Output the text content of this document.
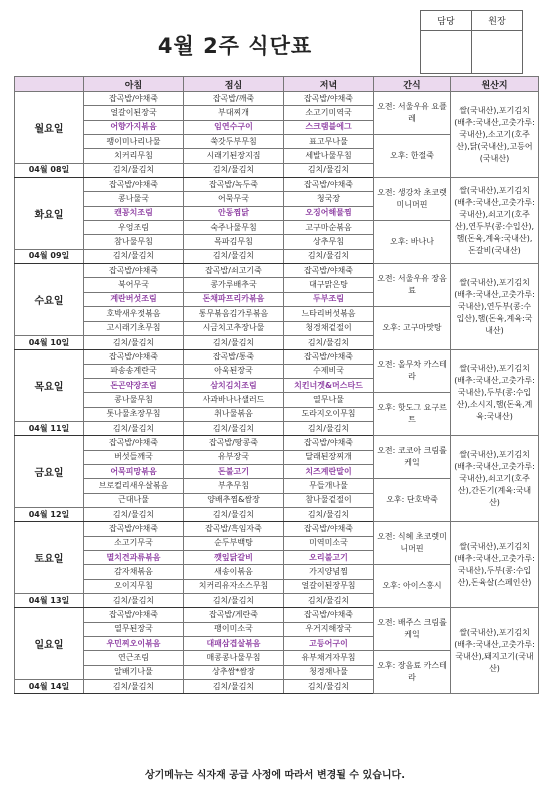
4월 2주 식단표
담당	원장

	아침	점심	저녁	간식	원산지

월요일	잡곡밥/야채죽	잡곡밥/깨죽	잡곡밥/야채죽	오전: 서울우유 요플레	쌀(국내산),포기김치 (배추:국내산,고춧가루:국내산),소고기(호주산),닭(국내산),고등어(국내산)
	얼갈이된장국	부대찌개	소고기미역국		
	어향가지볶음	임연수구이	스크램블에그		
	팽이미나리나물	쑥갓두부무침	표고무나물	오후: 한절죽	
	치커리무침	시래기된장지짐	세발나물무침		
04월 08일	김치/물김치	김치/물김치	김치/물김치		

화요일	잡곡밥/야채죽	잡곡밥/녹두죽	잡곡밥/야채죽	오전: 생강차 초코렛미니머핀	쌀(국내산),포기김치 (배추:국내산,고춧가루:국내산),쇠고기(호주산),연두부(콩:수입산),햄(돈육,계육:국내산),돈갈비(국내산)
	콩나물국	어묵무국	청국장		
	캔꽁치조림	안동찜닭	오징어해물찜		
	우엉조림	숙주나물무침	고구마순볶음	오후: 바나나	
	참나물무침	목파김무침	상추무침		
04월 09일	김치/물김치	김치/물김치	김치/물김치		

수요일	잡곡밥/야채죽	잡곡밥/쇠고기죽	잡곡밥/야채죽	오전: 서울우유 장음료	쌀(국내산),포기김치 (배추:국내산,고춧가루:국내산),연두부(콩:수입산),햄(돈육,계육:국내산)
	북어무국	콩가루배추국	대구맑은탕		
	계란버섯조림	돈채파프리카볶음	두부조림		
	호박새우젓볶음	통무볶음김가루볶음	느타리버섯볶음	오후: 고구마맛탕	
	고시래기초무침	시금치고추장나물	청경채겉절이		
04월 10일	김치/물김치	김치/물김치	김치/물김치		

목요일	잡곡밥/야채죽	잡곡밥/통죽	잡곡밥/야채죽	오전: 올무차 카스테라	쌀(국내산),포기김치 (배추:국내산,고춧가루:국내산),두부(콩:수입산),소시지,햄(돈육,계육:국내산)
	파송송계란국	아욱된장국	수제비국		
	돈곤약장조림	삼치김치조림	치킨너겟&머스타드		
	콩나물무침	사과바나나샐러드	열무나물	오후: 핫도그 요구르트	
	톳나물초장무침	취나물볶음	도라지오이무침		
04월 11일	김치/물김치	김치/물김치	김치/물김치		

금요일	잡곡밥/야채죽	잡곡밥/땅콩죽	잡곡밥/야채죽	오전: 코코아 크림롤케잌	쌀(국내산),포기김치 (배추:국내산,고춧가루:국내산),쇠고기(호주산),간돈기(계육:국내산)
	버섯들깨국	유부장국	달래된장찌개		
	어묵피망볶음	돈불고기	치즈계란말이		
	브로컬리새우살볶음	부추무침	무들개나물	오후: 단호박죽	
	근대나물	양배추찜&쌈장	참나물겉절이		
04월 12일	김치/물김치	김치/물김치	김치/물김치		

토요일	잡곡밥/야채죽	잡곡밥/흑임자죽	잡곡밥/야채죽	오전: 식혜 초코렛미니머핀	쌀(국내산),포기김치 (배추:국내산,고춧가루:국내산),두부(콩:수입산),돈육살(스페인산)
	소고기무국	순두부백탕	미역미소국		
	멸치견과류볶음	깻잎닭갈비	오리불고기		
	감자채볶음	새송이볶음	가지양념찜	오후: 아이스홍시	
	오이지무침	치커리유자소스무침	얼갈이된장무침		
04월 13일	김치/물김치	김치/물김치	김치/물김치		

일요일	잡곡밥/야채죽	잡곡밥/게란죽	잡곡밥/야채죽	오전: 배주스 크림롤케잌	쌀(국내산),포기김치 (배추:국내산,고춧가루:국내산),돼지고기(국내산)
	열무된장국	팽이미소국	우거지해장국		
	우민찌오이볶음	대패삼겹살볶음	고등어구이		
	연근조림	매콩콩나물무침	유부채겨자무침	오후: 장음료 카스테라	
	알배기나물	상추쌈*쌈장	청경채나물		
04월 14일	김치/물김치	김치/물김치	김치/물김치		
상기메뉴는 식자재 공급 사정에 따라서 변경될 수 있습니다.
